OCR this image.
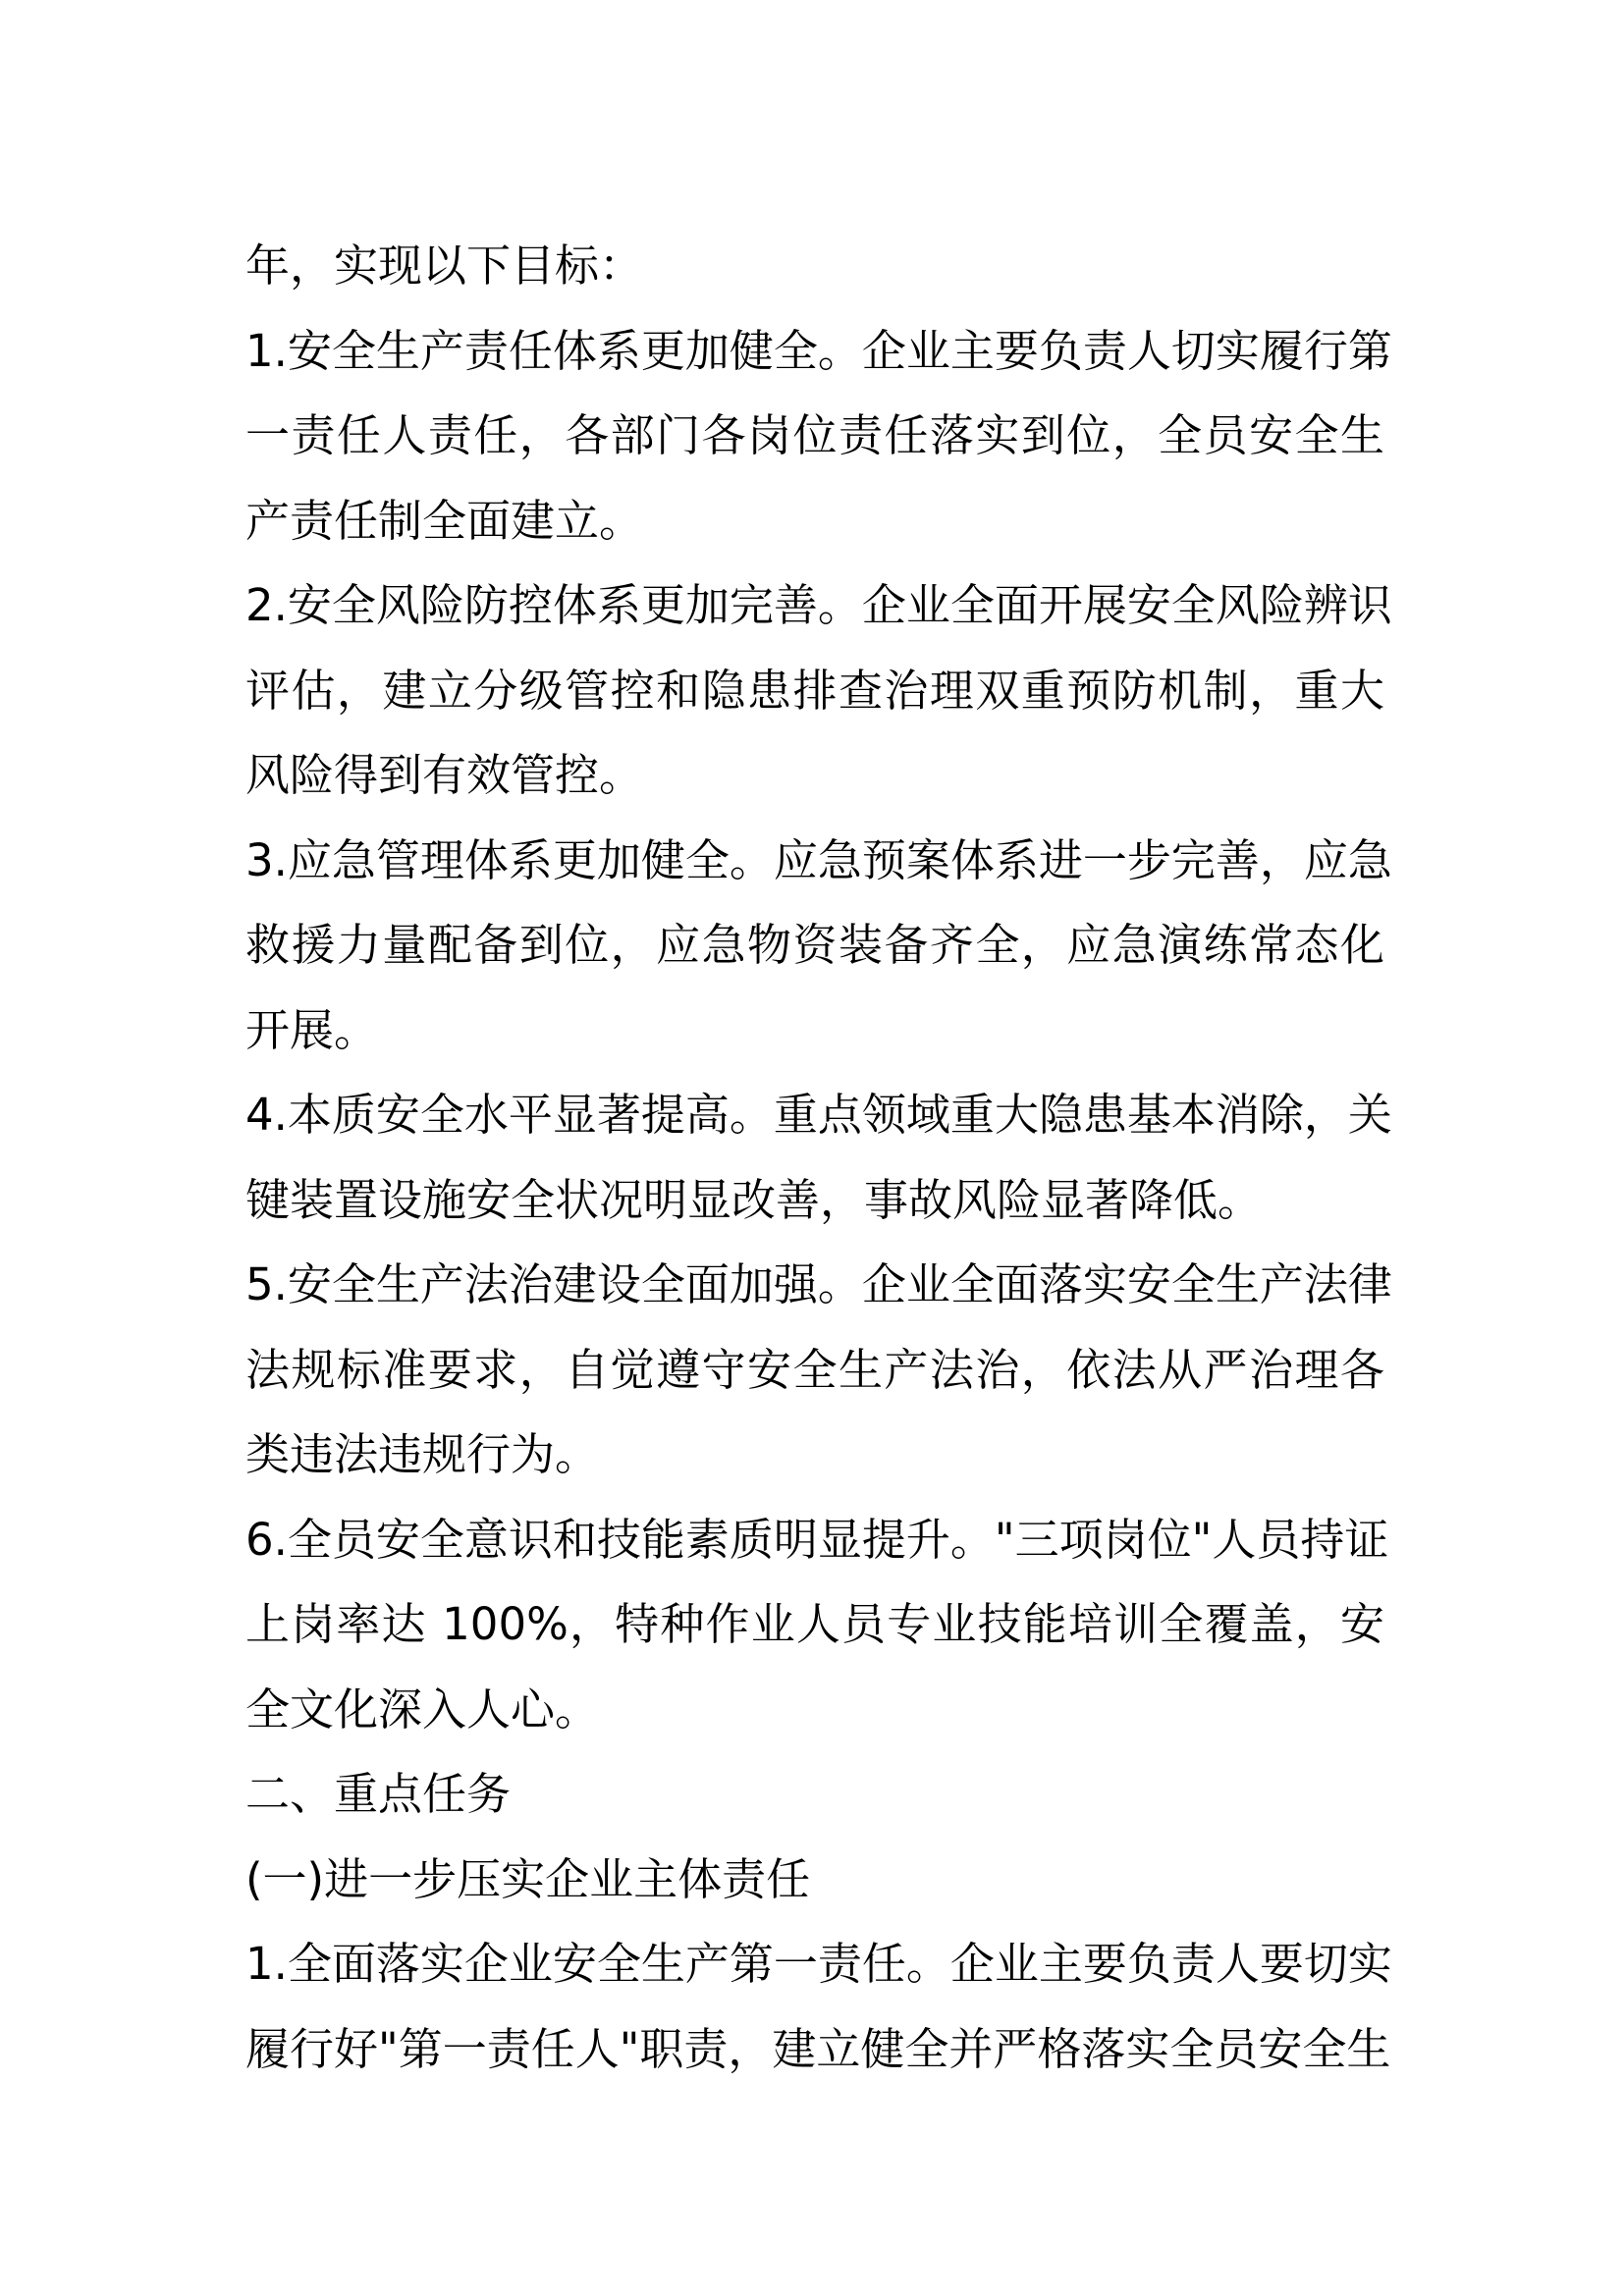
年，实现以下目标：
1.安全生产责任体系更加健全。企业主要负责人切实履行第
一责任人责任，各部门各岗位责任落实到位，全员安全生
产责任制全面建立。
2.安全风险防控体系更加完善。企业全面开展安全风险辨识
评估，建立分级管控和隐患排查治理双重预防机制，重大
风险得到有效管控。
3.应急管理体系更加健全。应急预案体系进一步完善，应急
救援力量配备到位，应急物资装备齐全，应急演练常态化
开展。
4.本质安全水平显著提高。重点领域重大隐患基本消除，关
键装置设施安全状况明显改善，事故风险显著降低。
5.安全生产法治建设全面加强。企业全面落实安全生产法律
法规标准要求，自觉遵守安全生产法治，依法从严治理各
类违法违规行为。
6.全员安全意识和技能素质明显提升。"三项岗位"人员持证
上岗率达 100%，特种作业人员专业技能培训全覆盖，安
全文化深入人心。
二、重点任务
(一)进一步压实企业主体责任
1.全面落实企业安全生产第一责任。企业主要负责人要切实
履行好"第一责任人"职责，建立健全并严格落实全员安全生
